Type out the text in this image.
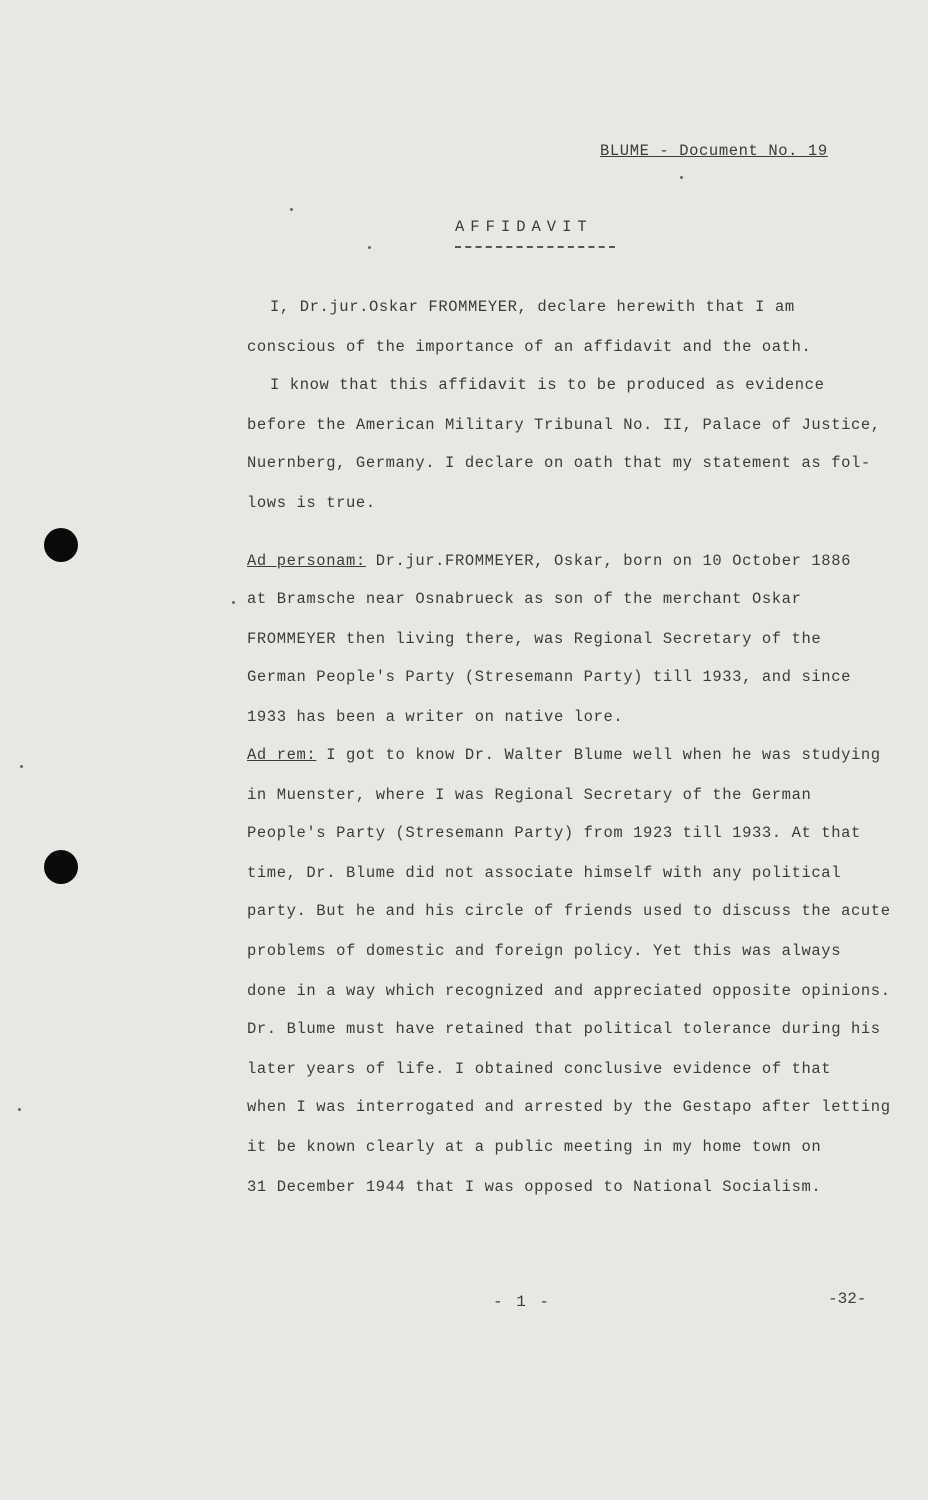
BLUME - Document No. 19
AFFIDAVIT
I, Dr.jur.Oskar FROMMEYER, declare herewith that I am
conscious of the importance of an affidavit and the oath.
I know that this affidavit is to be produced as evidence
before the American Military Tribunal No. II, Palace of Justice,
Nuernberg, Germany. I declare on oath that my statement as fol-
lows is true.
Ad personam: Dr.jur.FROMMEYER, Oskar, born on 10 October 1886
at Bramsche near Osnabrueck as son of the merchant Oskar
FROMMEYER then living there, was Regional Secretary of the
German People's Party (Stresemann Party) till 1933, and since
1933 has been a writer on native lore.
Ad rem: I got to know Dr. Walter Blume well when he was studying
in Muenster, where I was Regional Secretary of the German
People's Party (Stresemann Party) from 1923 till 1933. At that
time, Dr. Blume did not associate himself with any political
party. But he and his circle of friends used to discuss the acute
problems of domestic and foreign policy. Yet this was always
done in a way which recognized and appreciated opposite opinions.
Dr. Blume must have retained that political tolerance during his
later years of life. I obtained conclusive evidence of that
when I was interrogated and arrested by the Gestapo after letting
it be known clearly at a public meeting in my home town on
31 December 1944 that I was opposed to National Socialism.
- 1 -	-32-
